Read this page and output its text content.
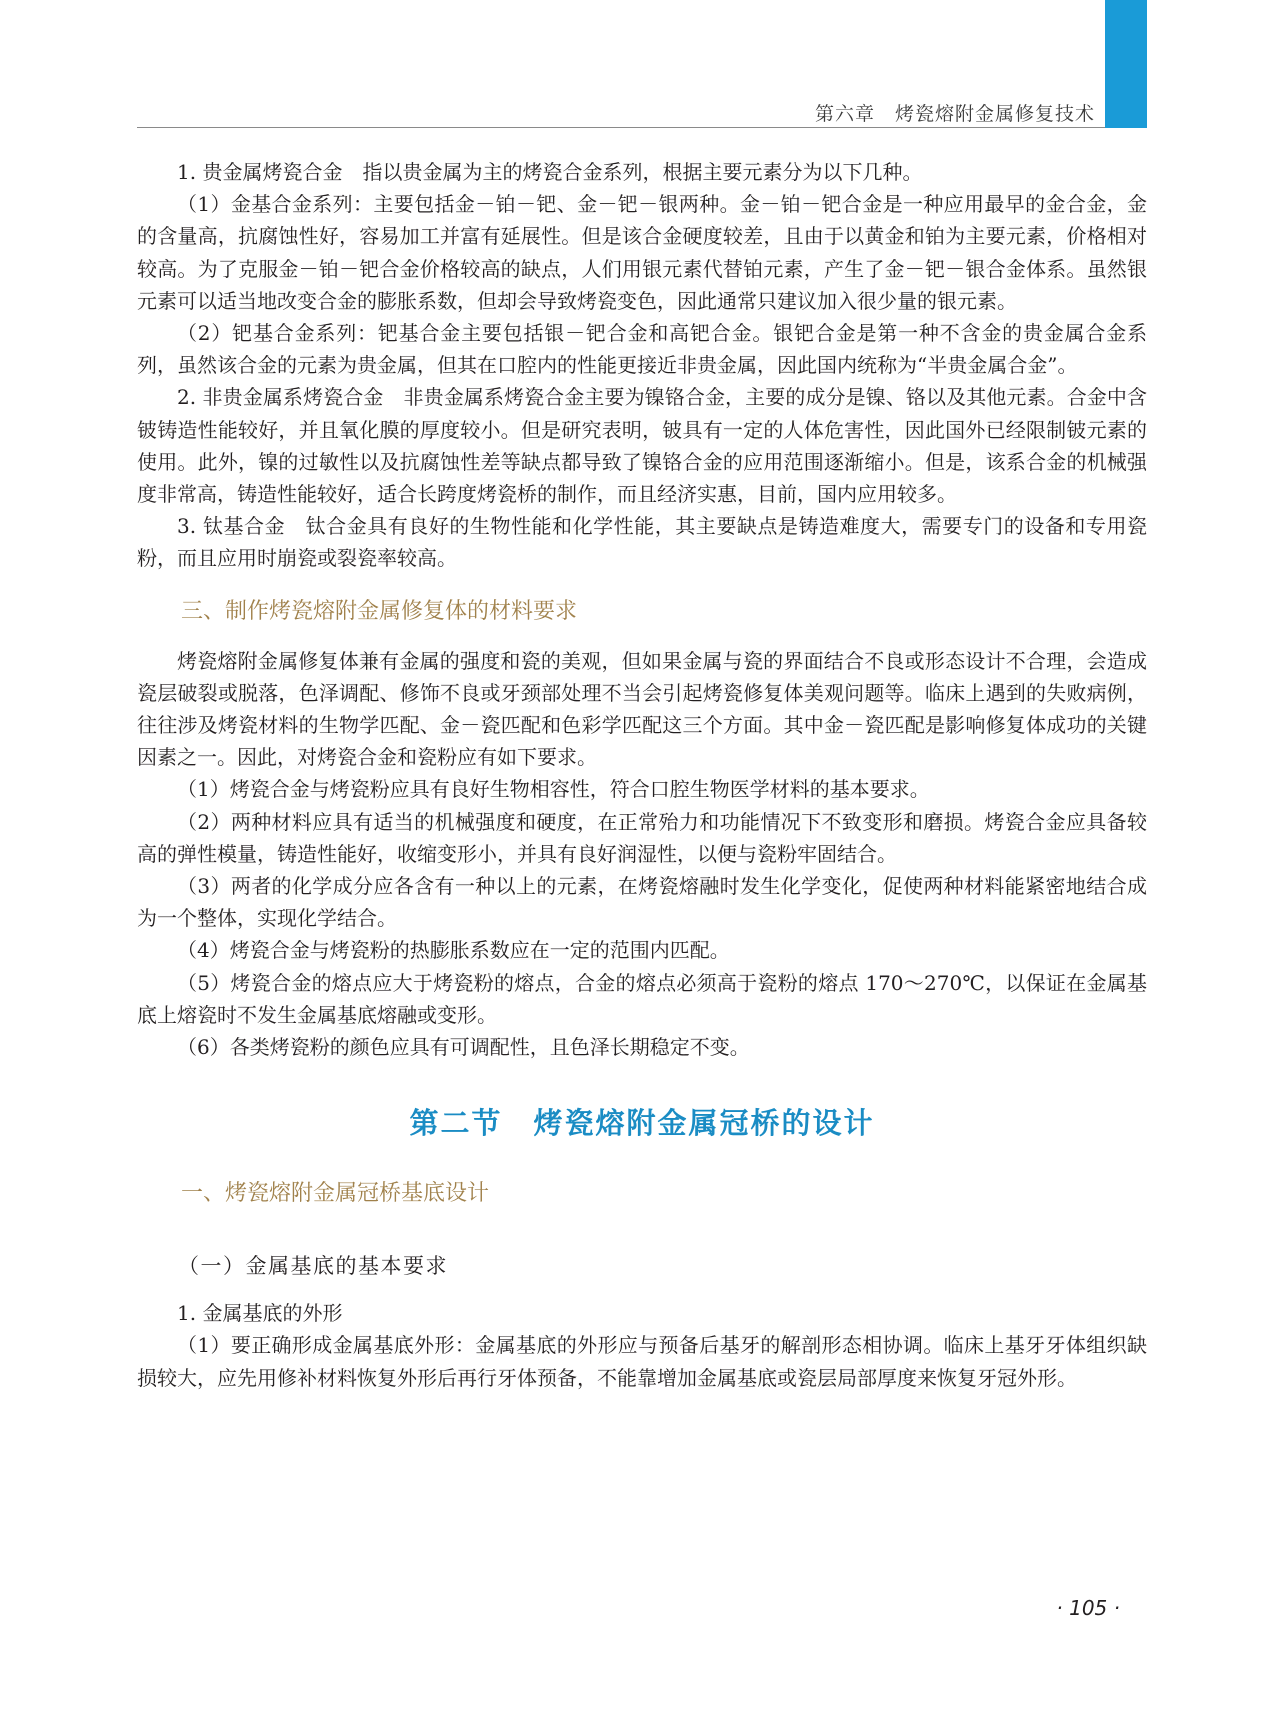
第六章　烤瓷熔附金属修复技术

1. 贵金属烤瓷合金　指以贵金属为主的烤瓷合金系列，根据主要元素分为以下几种。

（1）金基合金系列：主要包括金－铂－钯、金－钯－银两种。金－铂－钯合金是一种应用最早的金合金，金的含量高，抗腐蚀性好，容易加工并富有延展性。但是该合金硬度较差，且由于以黄金和铂为主要元素，价格相对较高。为了克服金－铂－钯合金价格较高的缺点，人们用银元素代替铂元素，产生了金－钯－银合金体系。虽然银元素可以适当地改变合金的膨胀系数，但却会导致烤瓷变色，因此通常只建议加入很少量的银元素。

（2）钯基合金系列：钯基合金主要包括银－钯合金和高钯合金。银钯合金是第一种不含金的贵金属合金系列，虽然该合金的元素为贵金属，但其在口腔内的性能更接近非贵金属，因此国内统称为“半贵金属合金”。

2. 非贵金属系烤瓷合金　非贵金属系烤瓷合金主要为镍铬合金，主要的成分是镍、铬以及其他元素。合金中含铍铸造性能较好，并且氧化膜的厚度较小。但是研究表明，铍具有一定的人体危害性，因此国外已经限制铍元素的使用。此外，镍的过敏性以及抗腐蚀性差等缺点都导致了镍铬合金的应用范围逐渐缩小。但是，该系合金的机械强度非常高，铸造性能较好，适合长跨度烤瓷桥的制作，而且经济实惠，目前，国内应用较多。

3. 钛基合金　钛合金具有良好的生物性能和化学性能，其主要缺点是铸造难度大，需要专门的设备和专用瓷粉，而且应用时崩瓷或裂瓷率较高。

三、制作烤瓷熔附金属修复体的材料要求

烤瓷熔附金属修复体兼有金属的强度和瓷的美观，但如果金属与瓷的界面结合不良或形态设计不合理，会造成瓷层破裂或脱落，色泽调配、修饰不良或牙颈部处理不当会引起烤瓷修复体美观问题等。临床上遇到的失败病例，往往涉及烤瓷材料的生物学匹配、金－瓷匹配和色彩学匹配这三个方面。其中金－瓷匹配是影响修复体成功的关键因素之一。因此，对烤瓷合金和瓷粉应有如下要求。

（1）烤瓷合金与烤瓷粉应具有良好生物相容性，符合口腔生物医学材料的基本要求。

（2）两种材料应具有适当的机械强度和硬度，在正常殆力和功能情况下不致变形和磨损。烤瓷合金应具备较高的弹性模量，铸造性能好，收缩变形小，并具有良好润湿性，以便与瓷粉牢固结合。

（3）两者的化学成分应各含有一种以上的元素，在烤瓷熔融时发生化学变化，促使两种材料能紧密地结合成为一个整体，实现化学结合。

（4）烤瓷合金与烤瓷粉的热膨胀系数应在一定的范围内匹配。

（5）烤瓷合金的熔点应大于烤瓷粉的熔点，合金的熔点必须高于瓷粉的熔点 170～270℃，以保证在金属基底上熔瓷时不发生金属基底熔融或变形。

（6）各类烤瓷粉的颜色应具有可调配性，且色泽长期稳定不变。

第二节　烤瓷熔附金属冠桥的设计
一、烤瓷熔附金属冠桥基底设计
（一）金属基底的基本要求

1. 金属基底的外形

（1）要正确形成金属基底外形：金属基底的外形应与预备后基牙的解剖形态相协调。临床上基牙牙体组织缺损较大，应先用修补材料恢复外形后再行牙体预备，不能靠增加金属基底或瓷层局部厚度来恢复牙冠外形。

· 105 ·
